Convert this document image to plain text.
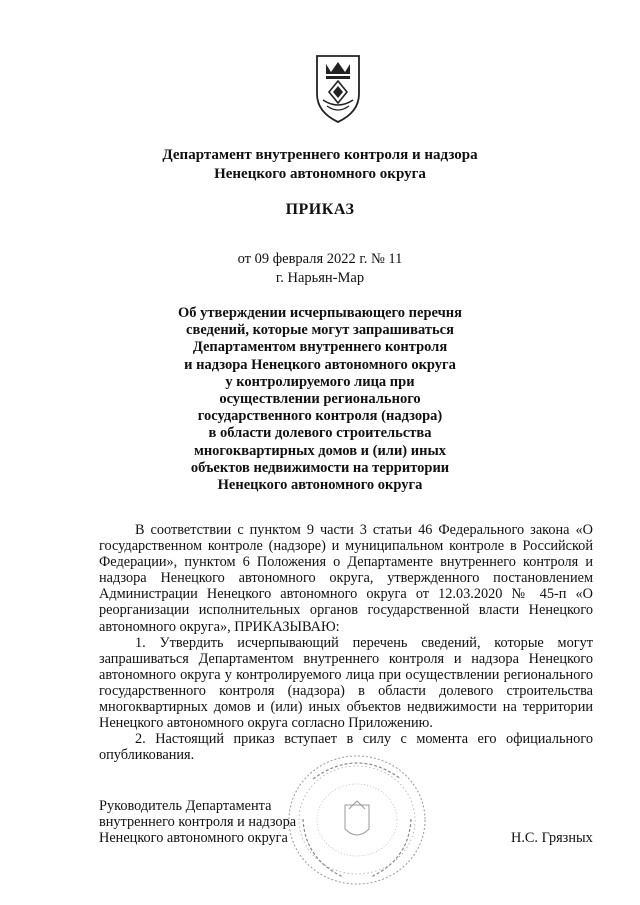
Департамент внутреннего контроля и надзора
Ненецкого автономного округа
ПРИКАЗ
от 09 февраля 2022 г. № 11
г. Нарьян-Мар
Об утверждении исчерпывающего перечня
сведений, которые могут запрашиваться
Департаментом внутреннего контроля
и надзора Ненецкого автономного округа
у контролируемого лица при
осуществлении регионального
государственного контроля (надзора)
в области долевого строительства
многоквартирных домов и (или) иных
объектов недвижимости на территории
Ненецкого автономного округа

В соответствии с пунктом 9 части 3 статьи 46 Федерального закона «О государственном контроле (надзоре) и муниципальном контроле в Российской Федерации», пунктом 6 Положения о Департаменте внутреннего контроля и надзора Ненецкого автономного округа, утвержденного постановлением Администрации Ненецкого автономного округа от 12.03.2020 № 45-п «О реорганизации исполнительных органов государственной власти Ненецкого автономного округа», ПРИКАЗЫВАЮ:

1. Утвердить исчерпывающий перечень сведений, которые могут запрашиваться Департаментом внутреннего контроля и надзора Ненецкого автономного округа у контролируемого лица при осуществлении регионального государственного контроля (надзора) в области долевого строительства многоквартирных домов и (или) иных объектов недвижимости на территории Ненецкого автономного округа согласно Приложению.

2. Настоящий приказ вступает в силу с момента его официального опубликования.

Руководитель Департамента
внутреннего контроля и надзора
Ненецкого автономного округа	Н.С. Грязных
